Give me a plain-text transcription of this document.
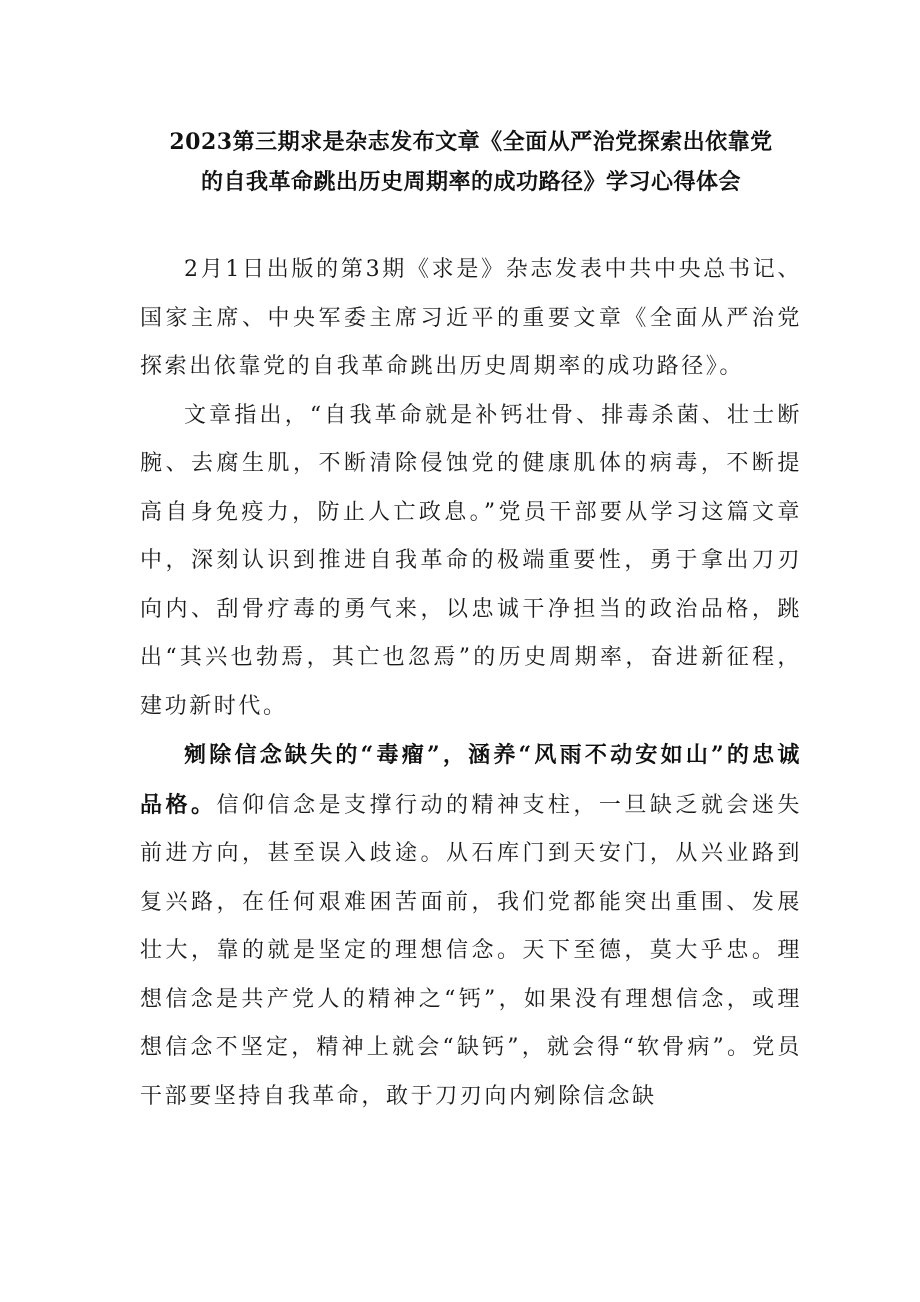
2023第三期求是杂志发布文章《全面从严治党探索出依靠党
的自我革命跳出历史周期率的成功路径》学习心得体会

2月1日出版的第3期《求是》杂志发表中共中央总书记、国家主席、中央军委主席习近平的重要文章《全面从严治党探索出依靠党的自我革命跳出历史周期率的成功路径》。

文章指出，“自我革命就是补钙壮骨、排毒杀菌、壮士断腕、去腐生肌，不断清除侵蚀党的健康肌体的病毒，不断提高自身免疫力，防止人亡政息。”党员干部要从学习这篇文章中，深刻认识到推进自我革命的极端重要性，勇于拿出刀刃向内、刮骨疗毒的勇气来，以忠诚干净担当的政治品格，跳出“其兴也勃焉，其亡也忽焉”的历史周期率，奋进新征程，建功新时代。

剜除信念缺失的“毒瘤”，涵养“风雨不动安如山”的忠诚品格。信仰信念是支撑行动的精神支柱，一旦缺乏就会迷失前进方向，甚至误入歧途。从石库门到天安门，从兴业路到复兴路，在任何艰难困苦面前，我们党都能突出重围、发展壮大，靠的就是坚定的理想信念。天下至德，莫大乎忠。理想信念是共产党人的精神之“钙”，如果没有理想信念，或理想信念不坚定，精神上就会“缺钙”，就会得“软骨病”。党员干部要坚持自我革命，敢于刀刃向内剜除信念缺
